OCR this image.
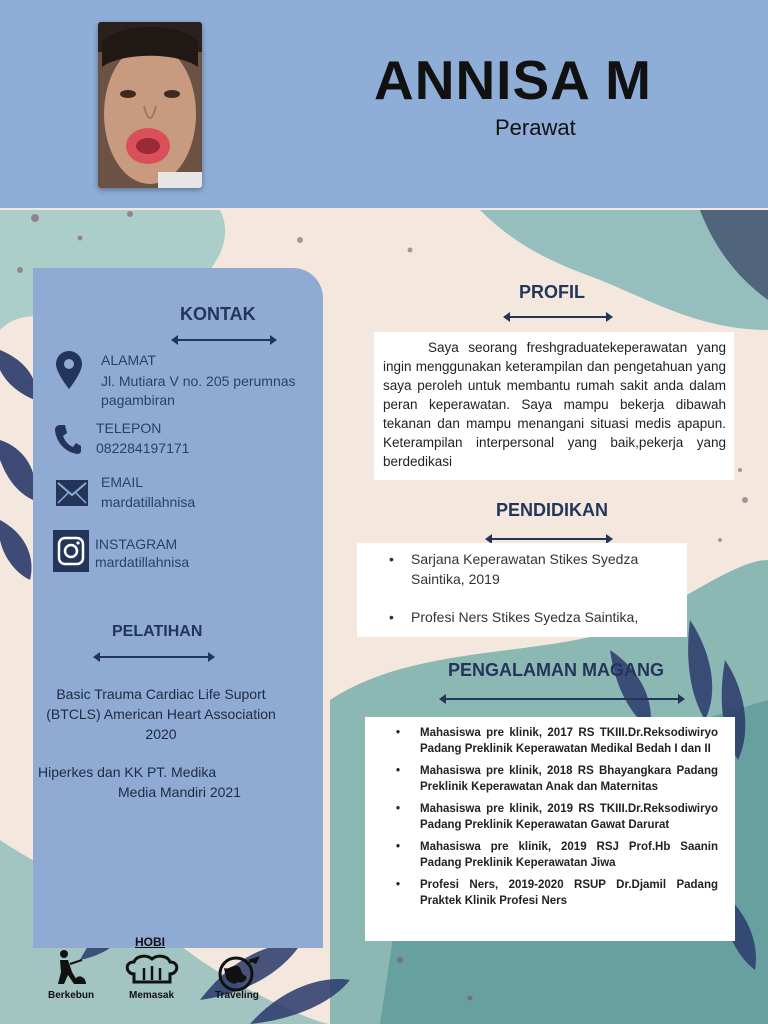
ANNISA M
Perawat
KONTAK
ALAMAT
Jl. Mutiara V no. 205 perumnas pagambiran
TELEPON
082284197171
EMAIL
mardatillahnisa
INSTAGRAM
mardatillahnisa
PELATIHAN
Basic Trauma Cardiac Life Suport
(BTCLS) American Heart Association
2020
Hiperkes dan KK PT. Medika
Media Mandiri 2021
PROFIL
Saya seorang freshgraduatekeperawatan yang ingin menggunakan keterampilan dan pengetahuan yang saya peroleh untuk membantu rumah sakit anda dalam peran keperawatan. Saya mampu bekerja dibawah tekanan dan mampu menangani situasi medis apapun. Keterampilan interpersonal yang baik,pekerja yang berdedikasi
PENDIDIKAN
• Sarjana Keperawatan Stikes Syedza Saintika, 2019
• Profesi Ners Stikes Syedza Saintika,
PENGALAMAN MAGANG
• Mahasiswa pre klinik, 2017 RS TKIII.Dr.Reksodiwiryo Padang Preklinik Keperawatan Medikal Bedah I dan II
• Mahasiswa pre klinik, 2018 RS Bhayangkara Padang Preklinik Keperawatan Anak dan Maternitas
• Mahasiswa pre klinik, 2019 RS TKIII.Dr.Reksodiwiryo Padang Preklinik Keperawatan Gawat Darurat
• Mahasiswa pre klinik, 2019 RSJ Prof.Hb Saanin Padang Preklinik Keperawatan Jiwa
• Profesi Ners, 2019-2020 RSUP Dr.Djamil Padang Praktek Klinik Profesi Ners
HOBI
Berkebun	Memasak	Traveling
